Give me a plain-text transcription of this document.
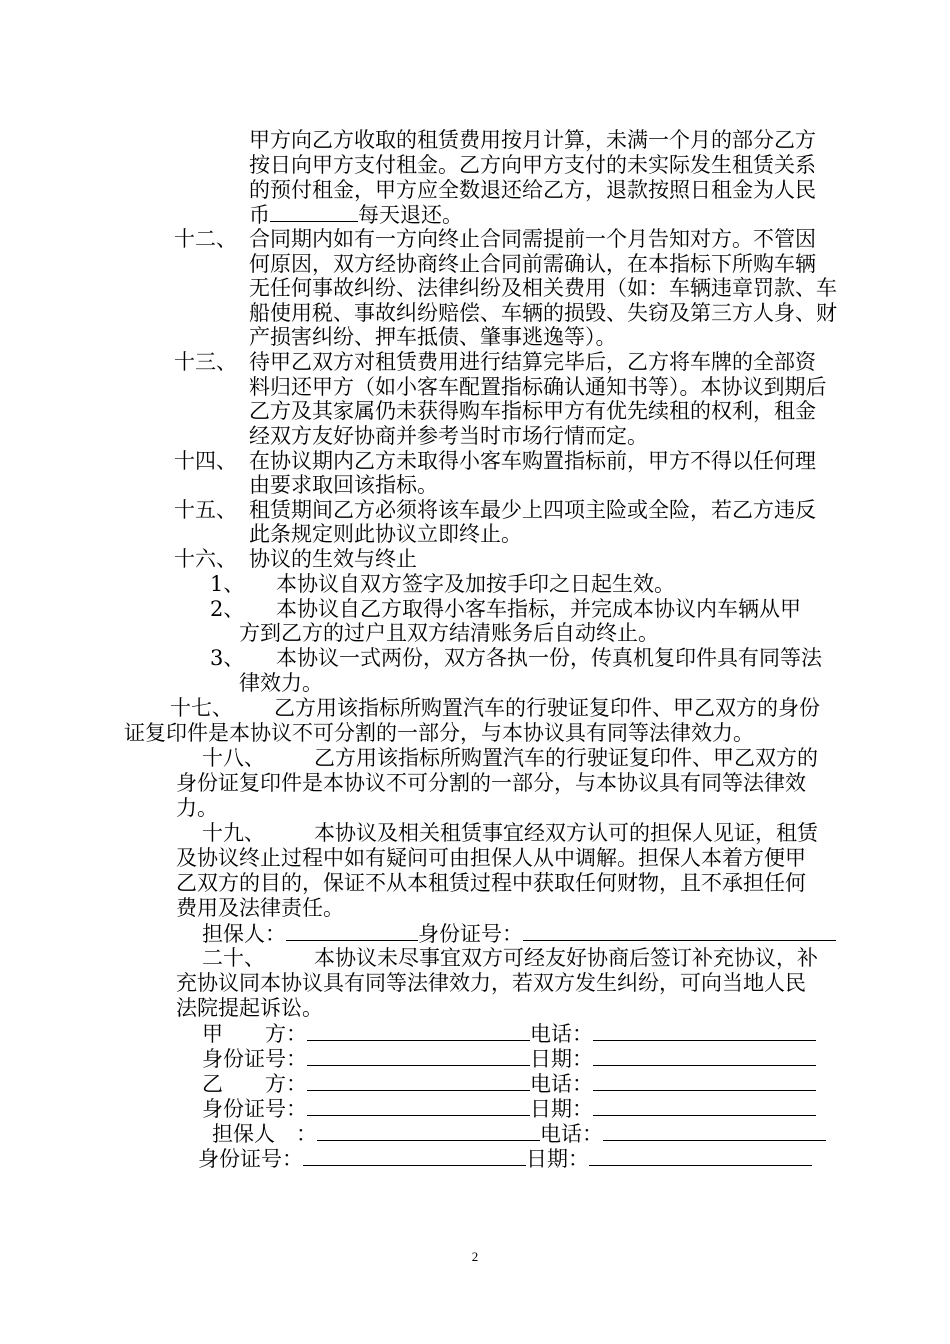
甲方向乙方收取的租赁费用按月计算，未满一个月的部分乙方
按日向甲方支付租金。乙方向甲方支付的未实际发生租赁关系
的预付租金，甲方应全数退还给乙方，退款按照日租金为人民
币	每天退还。
十二、 合同期内如有一方向终止合同需提前一个月告知对方。不管因
何原因，双方经协商终止合同前需确认，在本指标下所购车辆
无任何事故纠纷、法律纠纷及相关费用（如：车辆违章罚款、车
船使用税、事故纠纷赔偿、车辆的损毁、失窃及第三方人身、财
产损害纠纷、押车抵债、肇事逃逸等）。
十三、 待甲乙双方对租赁费用进行结算完毕后，乙方将车牌的全部资
料归还甲方（如小客车配置指标确认通知书等）。本协议到期后
乙方及其家属仍未获得购车指标甲方有优先续租的权利，租金
经双方友好协商并参考当时市场行情而定。
十四、 在协议期内乙方未取得小客车购置指标前，甲方不得以任何理
由要求取回该指标。
十五、 租赁期间乙方必须将该车最少上四项主险或全险，若乙方违反
此条规定则此协议立即终止。
十六、 协议的生效与终止
1、 本协议自双方签字及加按手印之日起生效。
2、 本协议自乙方取得小客车指标，并完成本协议内车辆从甲
方到乙方的过户且双方结清账务后自动终止。
3、 本协议一式两份，双方各执一份，传真机复印件具有同等法
律效力。
十七、 乙方用该指标所购置汽车的行驶证复印件、甲乙双方的身份
证复印件是本协议不可分割的一部分，与本协议具有同等法律效力。
十八、 乙方用该指标所购置汽车的行驶证复印件、甲乙双方的
身份证复印件是本协议不可分割的一部分，与本协议具有同等法律效
力。
十九、 本协议及相关租赁事宜经双方认可的担保人见证，租赁
及协议终止过程中如有疑问可由担保人从中调解。担保人本着方便甲
乙双方的目的，保证不从本租赁过程中获取任何财物，且不承担任何
费用及法律责任。
担保人：	身份证号：
二十、 本协议未尽事宜双方可经友好协商后签订补充协议，补
充协议同本协议具有同等法律效力，若双方发生纠纷，可向当地人民
法院提起诉讼。
甲　　方：	电话：
身份证号：	日期：
乙　　方：	电话：
身份证号：	日期：
担保人　：	电话：
身份证号：	日期：
2
